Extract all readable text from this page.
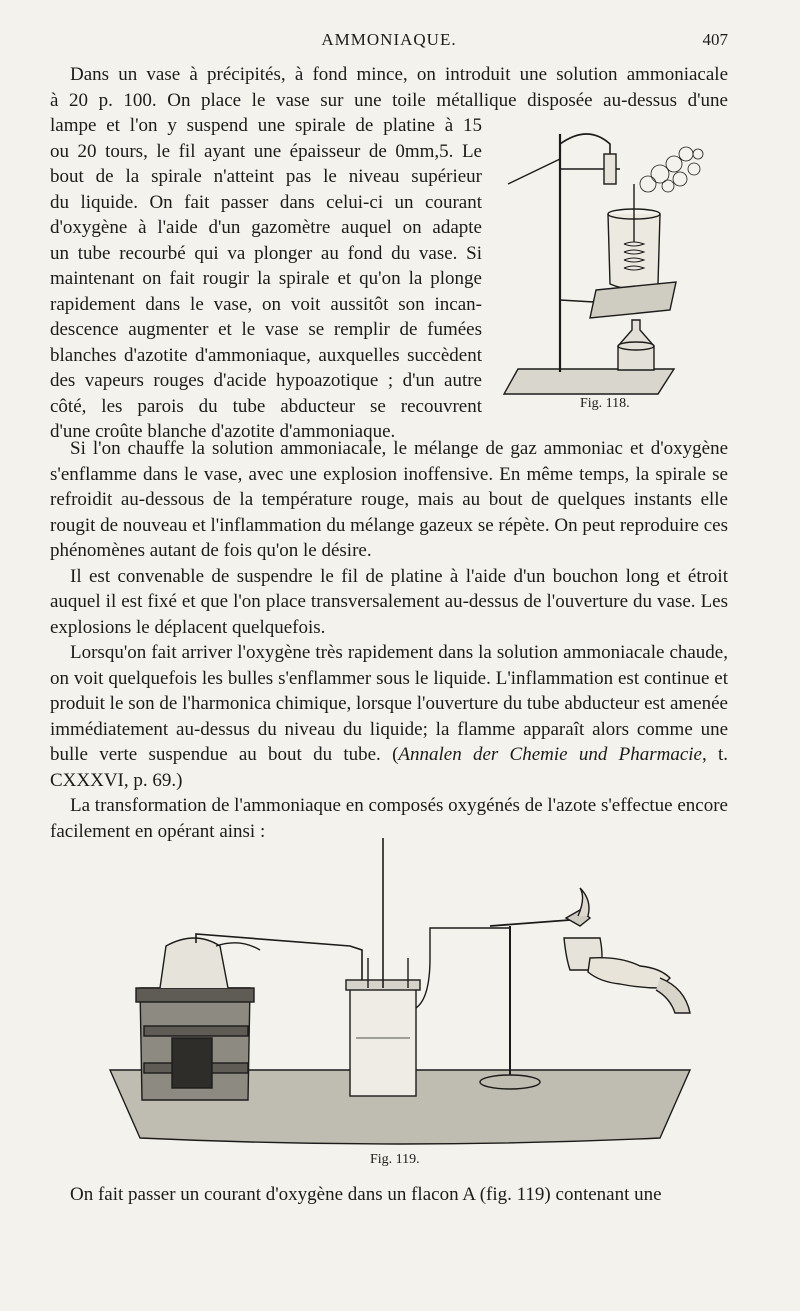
AMMONIAQUE.	407
Dans un vase à précipités, à fond mince, on introduit une solution ammoniacale
à 20 p. 100. On place le vase sur une toile métallique disposée au-dessus d'une
lampe et l'on y suspend une spirale de platine à 15
ou 20 tours, le fil ayant une épaisseur de 0mm,5. Le
bout de la spirale n'atteint pas le niveau supérieur
du liquide. On fait passer dans celui-ci un courant
d'oxygène à l'aide d'un gazomètre auquel on adapte
un tube recourbé qui va plonger au fond du vase. Si
maintenant on fait rougir la spirale et qu'on la plonge
rapidement dans le vase, on voit aussitôt son incan-
descence augmenter et le vase se remplir de fumées
blanches d'azotite d'ammoniaque, auxquelles succèdent
des vapeurs rouges d'acide hypoazotique ; d'un autre
côté, les parois du tube abducteur se recouvrent
d'une croûte blanche d'azotite d'ammoniaque.
Fig. 118.

Si l'on chauffe la solution ammoniacale, le mélange de gaz ammoniac et d'oxygène s'enflamme dans le vase, avec une explosion inoffensive. En même temps, la spirale se refroidit au-dessous de la température rouge, mais au bout de quelques instants elle rougit de nouveau et l'inflammation du mélange gazeux se répète. On peut reproduire ces phénomènes autant de fois qu'on le désire.

Il est convenable de suspendre le fil de platine à l'aide d'un bouchon long et étroit auquel il est fixé et que l'on place transversalement au-dessus de l'ouverture du vase. Les explosions le déplacent quelquefois.

Lorsqu'on fait arriver l'oxygène très rapidement dans la solution ammoniacale chaude, on voit quelquefois les bulles s'enflammer sous le liquide. L'inflammation est continue et produit le son de l'harmonica chimique, lorsque l'ouverture du tube abducteur est amenée immédiatement au-dessus du niveau du liquide; la flamme apparaît alors comme une bulle verte suspendue au bout du tube. (Annalen der Chemie und Pharmacie, t. CXXXVI, p. 69.)

La transformation de l'ammoniaque en composés oxygénés de l'azote s'effectue encore facilement en opérant ainsi :

Fig. 119.

On fait passer un courant d'oxygène dans un flacon A (fig. 119) contenant une
